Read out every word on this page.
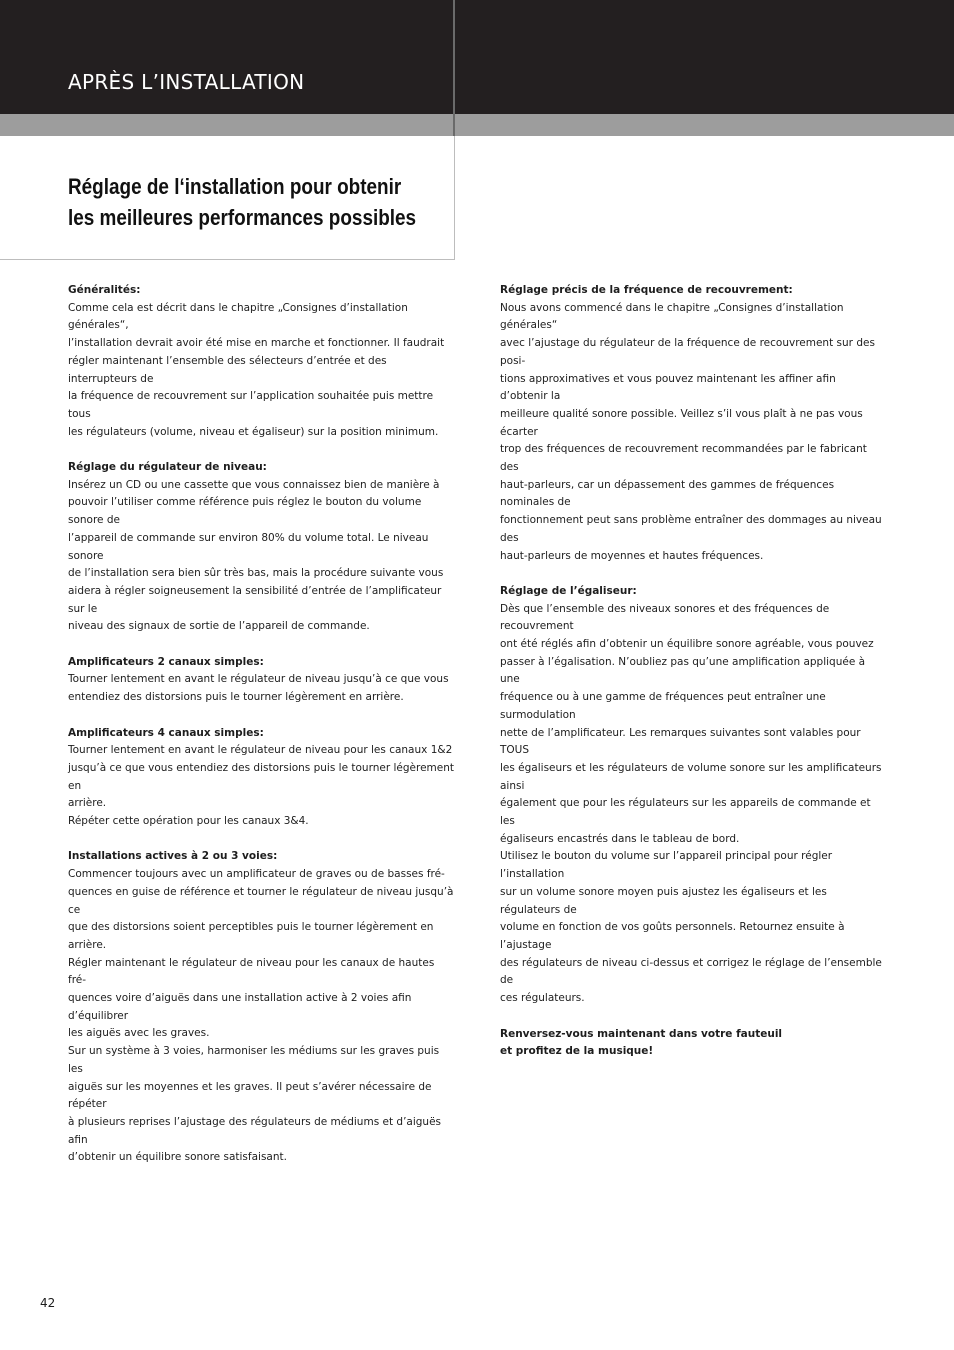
APRÈS L’INSTALLATION
Réglage de l‘installation pour obtenir
les meilleures performances possibles
Généralités:
Comme cela est décrit dans le chapitre „Consignes d’installation générales“,
l’installation devrait avoir été mise en marche et fonctionner. Il faudrait
régler maintenant l’ensemble des sélecteurs d’entrée et des interrupteurs de
la fréquence de recouvrement sur l’application souhaitée puis mettre tous
les régulateurs (volume, niveau et égaliseur) sur la position minimum.
Réglage du régulateur de niveau:
Insérez un CD ou une cassette que vous connaissez bien de manière à
pouvoir l’utiliser comme référence puis réglez le bouton du volume sonore de
l’appareil de commande sur environ 80% du volume total. Le niveau sonore
de l’installation sera bien sûr très bas, mais la procédure suivante vous
aidera à régler soigneusement la sensibilité d’entrée de l’amplificateur sur le
niveau des signaux de sortie de l’appareil de commande.
Amplificateurs 2 canaux simples:
Tourner lentement en avant le régulateur de niveau jusqu’à ce que vous
entendiez des distorsions puis le tourner légèrement en arrière.
Amplificateurs 4 canaux simples:
Tourner lentement en avant le régulateur de niveau pour les canaux 1&2
jusqu’à ce que vous entendiez des distorsions puis le tourner légèrement en
arrière.
Répéter cette opération pour les canaux 3&4.
Installations actives à 2 ou 3 voies:
Commencer toujours avec un amplificateur de graves ou de basses fré-
quences en guise de référence et tourner le régulateur de niveau jusqu’à ce
que des distorsions soient perceptibles puis le tourner légèrement en arrière.
Régler maintenant le régulateur de niveau pour les canaux de hautes fré-
quences voire d’aiguës dans une installation active à 2 voies afin d’équilibrer
les aiguës avec les graves.
Sur un système à 3 voies, harmoniser les médiums sur les graves puis les
aiguës sur les moyennes et les graves. Il peut s’avérer nécessaire de répéter
à plusieurs reprises l’ajustage des régulateurs de médiums et d’aiguës afin
d’obtenir un équilibre sonore satisfaisant.
Réglage précis de la fréquence de recouvrement:
Nous avons commencé dans le chapitre „Consignes d’installation générales“
avec l’ajustage du régulateur de la fréquence de recouvrement sur des posi-
tions approximatives et vous pouvez maintenant les affiner afin d’obtenir la
meilleure qualité sonore possible. Veillez s’il vous plaît à ne pas vous écarter
trop des fréquences de recouvrement recommandées par le fabricant des
haut-parleurs, car un dépassement des gammes de fréquences nominales de
fonctionnement peut sans problème entraîner des dommages au niveau des
haut-parleurs de moyennes et hautes fréquences.
Réglage de l’égaliseur:
Dès que l’ensemble des niveaux sonores et des fréquences de recouvrement
ont été réglés afin d’obtenir un équilibre sonore agréable, vous pouvez
passer à l’égalisation. N’oubliez pas qu’une amplification appliquée à une
fréquence ou à une gamme de fréquences peut entraîner une surmodulation
nette de l’amplificateur. Les remarques suivantes sont valables pour TOUS
les égaliseurs et les régulateurs de volume sonore sur les amplificateurs ainsi
également que pour les régulateurs sur les appareils de commande et les
égaliseurs encastrés dans le tableau de bord.
Utilisez le bouton du volume sur l’appareil principal pour régler l’installation
sur un volume sonore moyen puis ajustez les égaliseurs et les régulateurs de
volume en fonction de vos goûts personnels. Retournez ensuite à l’ajustage
des régulateurs de niveau ci-dessus et corrigez le réglage de l’ensemble de
ces régulateurs.
Renversez-vous maintenant dans votre fauteuil
et profitez de la musique!
42
